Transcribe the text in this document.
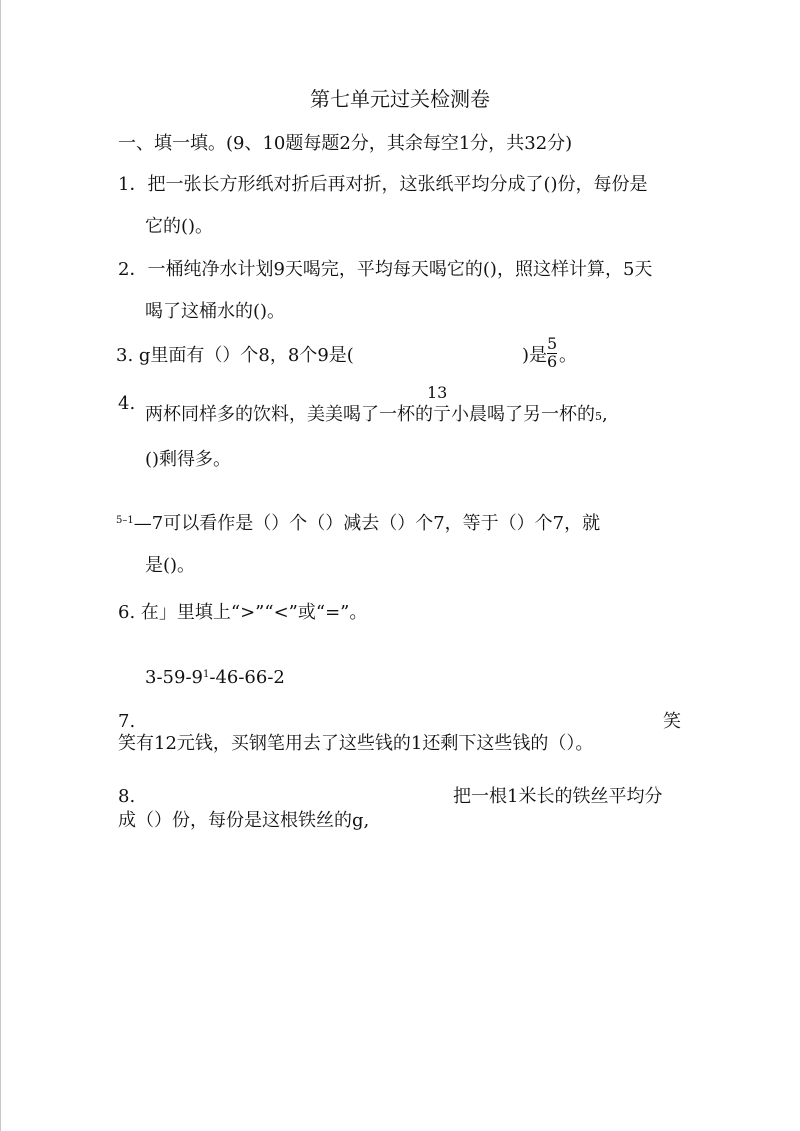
第七单元过关检测卷
一、填一填。(9、10题每题2分，其余每空1分，共32分)
1．把一张长方形纸对折后再对折，这张纸平均分成了()份，每份是
它的()。
2．一桶纯净水计划9天喝完，平均每天喝它的()，照这样计算，5天
喝了这桶水的()。
3. g里面有（）个8，8个9是(	)是 $\frac{5}{6}$ 。
13
4.
两杯同样多的饮料，美美喝了一杯的亍小晨喝了另一杯的5,
()剩得多。
$^{5-1}$—7可以看作是（）个（）减去（）个7，等于（）个7，就
是()。
6. 在」里填上“>”“<”或“=”。
$3-59-9^1-46-66-2$
7.	笑
笑有12元钱，买钢笔用去了这些钱的1还剩下这些钱的（）。
8.	把一根1米长的铁丝平均分
成（）份，每份是这根铁丝的g,
